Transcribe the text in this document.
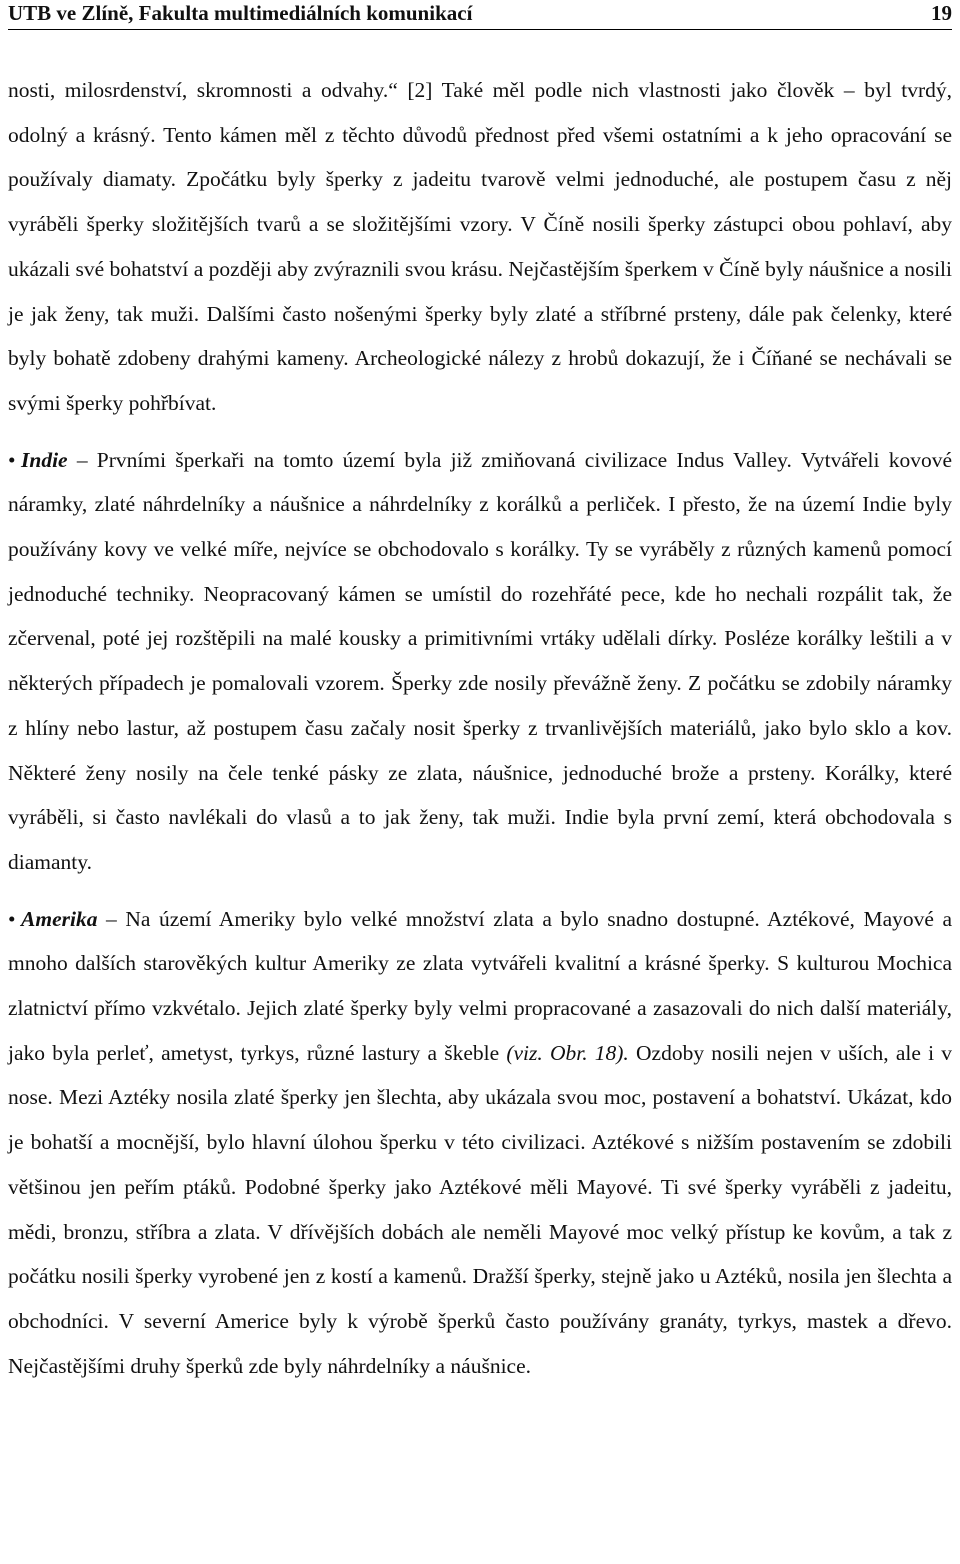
UTB ve Zlíně, Fakulta multimediálních komunikací	19

nosti, milosrdenství, skromnosti a odvahy.“ [2] Také měl podle nich vlastnosti jako člověk – byl tvrdý, odolný a krásný. Tento kámen měl z těchto důvodů přednost před všemi ostatními a k jeho opracování se používaly diamaty. Zpočátku byly šperky z jadeitu tvarově velmi jednoduché, ale postupem času z něj vyráběli šperky složitějších tvarů a se složitějšími vzory. V Číně nosili šperky zástupci obou pohlaví, aby ukázali své bohatství a později aby zvýraznili svou krásu. Nejčastějším šperkem v Číně byly náušnice a nosili je jak ženy, tak muži. Dalšími často nošenými šperky byly zlaté a stříbrné prsteny, dále pak čelenky, které byly bohatě zdobeny drahými kameny. Archeologické nálezy z hrobů dokazují, že i Číňané se nechávali se svými šperky pohřbívat.

• Indie – Prvními šperkaři na tomto území byla již zmiňovaná civilizace Indus Valley. Vytvářeli kovové náramky, zlaté náhrdelníky a náušnice a náhrdelníky z korálků a perliček. I přesto, že na území Indie byly používány kovy ve velké míře, nejvíce se obchodovalo s korálky. Ty se vyráběly z různých kamenů pomocí jednoduché techniky. Neopracovaný kámen se umístil do rozehřáté pece, kde ho nechali rozpálit tak, že zčervenal, poté jej rozštěpili na malé kousky a primitivními vrtáky udělali dírky. Posléze korálky leštili a v některých případech je pomalovali vzorem. Šperky zde nosily převážně ženy. Z počátku se zdobily náramky z hlíny nebo lastur, až postupem času začaly nosit šperky z trvanlivějších materiálů, jako bylo sklo a kov. Některé ženy nosily na čele tenké pásky ze zlata, náušnice, jednoduché brože a prsteny. Korálky, které vyráběli, si často navlékali do vlasů a to jak ženy, tak muži. Indie byla první zemí, která obchodovala s diamanty.

• Amerika – Na území Ameriky bylo velké množství zlata a bylo snadno dostupné. Aztékové, Mayové a mnoho dalších starověkých kultur Ameriky ze zlata vytvářeli kvalitní a krásné šperky. S kulturou Mochica zlatnictví přímo vzkvétalo. Jejich zlaté šperky byly velmi propracované a zasazovali do nich další materiály, jako byla perleť, ametyst, tyrkys, různé lastury a škeble (viz. Obr. 18). Ozdoby nosili nejen v uších, ale i v nose. Mezi Aztéky nosila zlaté šperky jen šlechta, aby ukázala svou moc, postavení a bohatství. Ukázat, kdo je bohatší a mocnější, bylo hlavní úlohou šperku v této civilizaci. Aztékové s nižším postavením se zdobili většinou jen peřím ptáků. Podobné šperky jako Aztékové měli Mayové. Ti své šperky vyráběli z jadeitu, mědi, bronzu, stříbra a zlata. V dřívějších dobách ale neměli Mayové moc velký přístup ke kovům, a tak z počátku nosili šperky vyrobené jen z kostí a kamenů. Dražší šperky, stejně jako u Aztéků, nosila jen šlechta a obchodníci. V severní Americe byly k výrobě šperků často používány granáty, tyrkys, mastek a dřevo. Nejčastějšími druhy šperků zde byly náhrdelníky a náušnice.
